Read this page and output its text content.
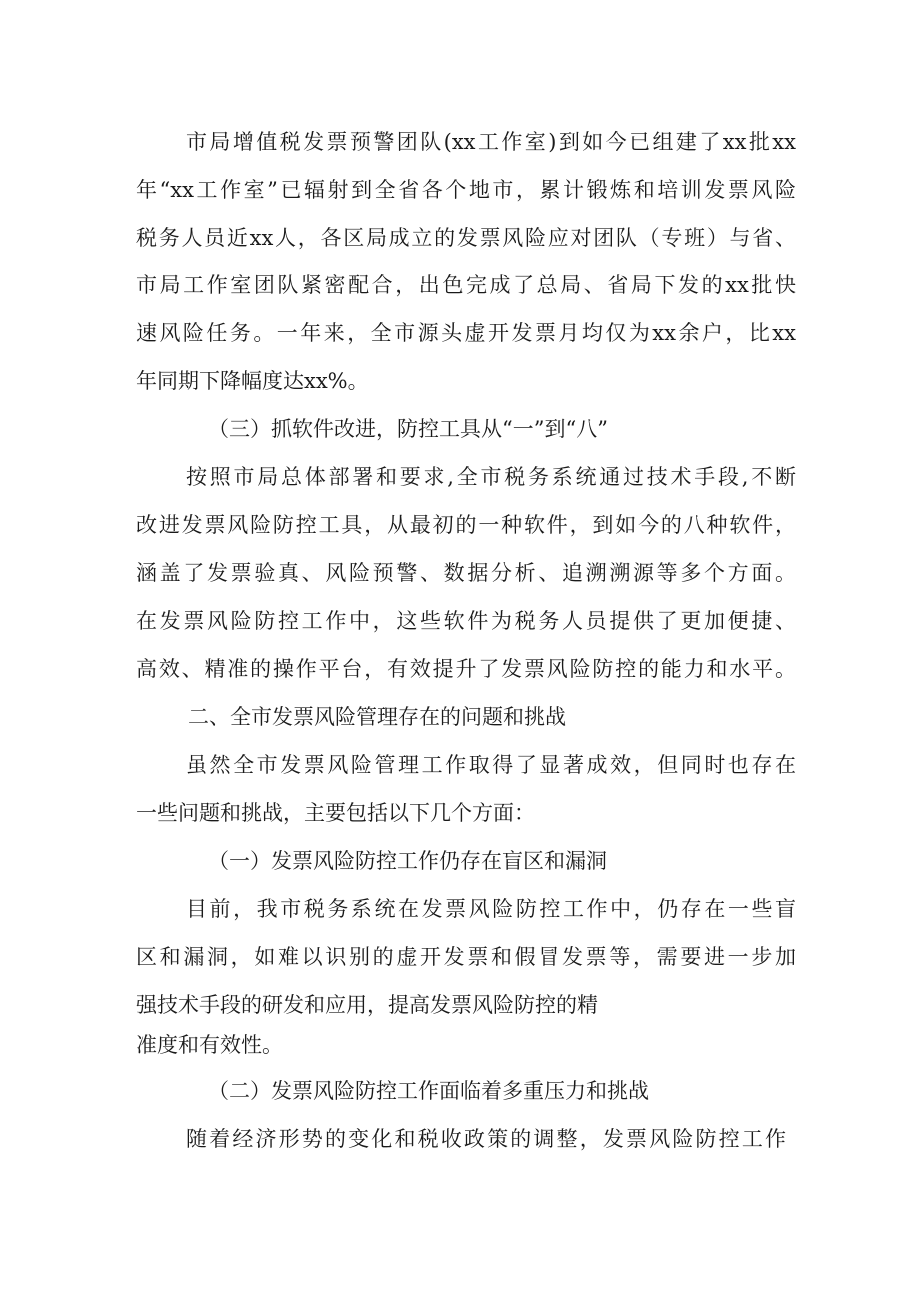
市局增值税发票预警团队(xx工作室)到如今已组建了xx批xx
年“xx工作室”已辐射到全省各个地市，累计锻炼和培训发票风险
税务人员近xx人，各区局成立的发票风险应对团队（专班）与省、
市局工作室团队紧密配合，出色完成了总局、省局下发的xx批快
速风险任务。一年来，全市源头虚开发票月均仅为xx余户，比xx
年同期下降幅度达xx%。
（三）抓软件改进，防控工具从“一”到“八”
按照市局总体部署和要求,全市税务系统通过技术手段,不断
改进发票风险防控工具，从最初的一种软件，到如今的八种软件，
涵盖了发票验真、风险预警、数据分析、追溯溯源等多个方面。
在发票风险防控工作中，这些软件为税务人员提供了更加便捷、
高效、精准的操作平台，有效提升了发票风险防控的能力和水平。
二、全市发票风险管理存在的问题和挑战
虽然全市发票风险管理工作取得了显著成效，但同时也存在
一些问题和挑战，主要包括以下几个方面：
（一）发票风险防控工作仍存在盲区和漏洞
目前，我市税务系统在发票风险防控工作中，仍存在一些盲
区和漏洞，如难以识别的虚开发票和假冒发票等，需要进一步加
强技术手段的研发和应用，提高发票风险防控的精
准度和有效性。
（二）发票风险防控工作面临着多重压力和挑战
随着经济形势的变化和税收政策的调整，发票风险防控工作
